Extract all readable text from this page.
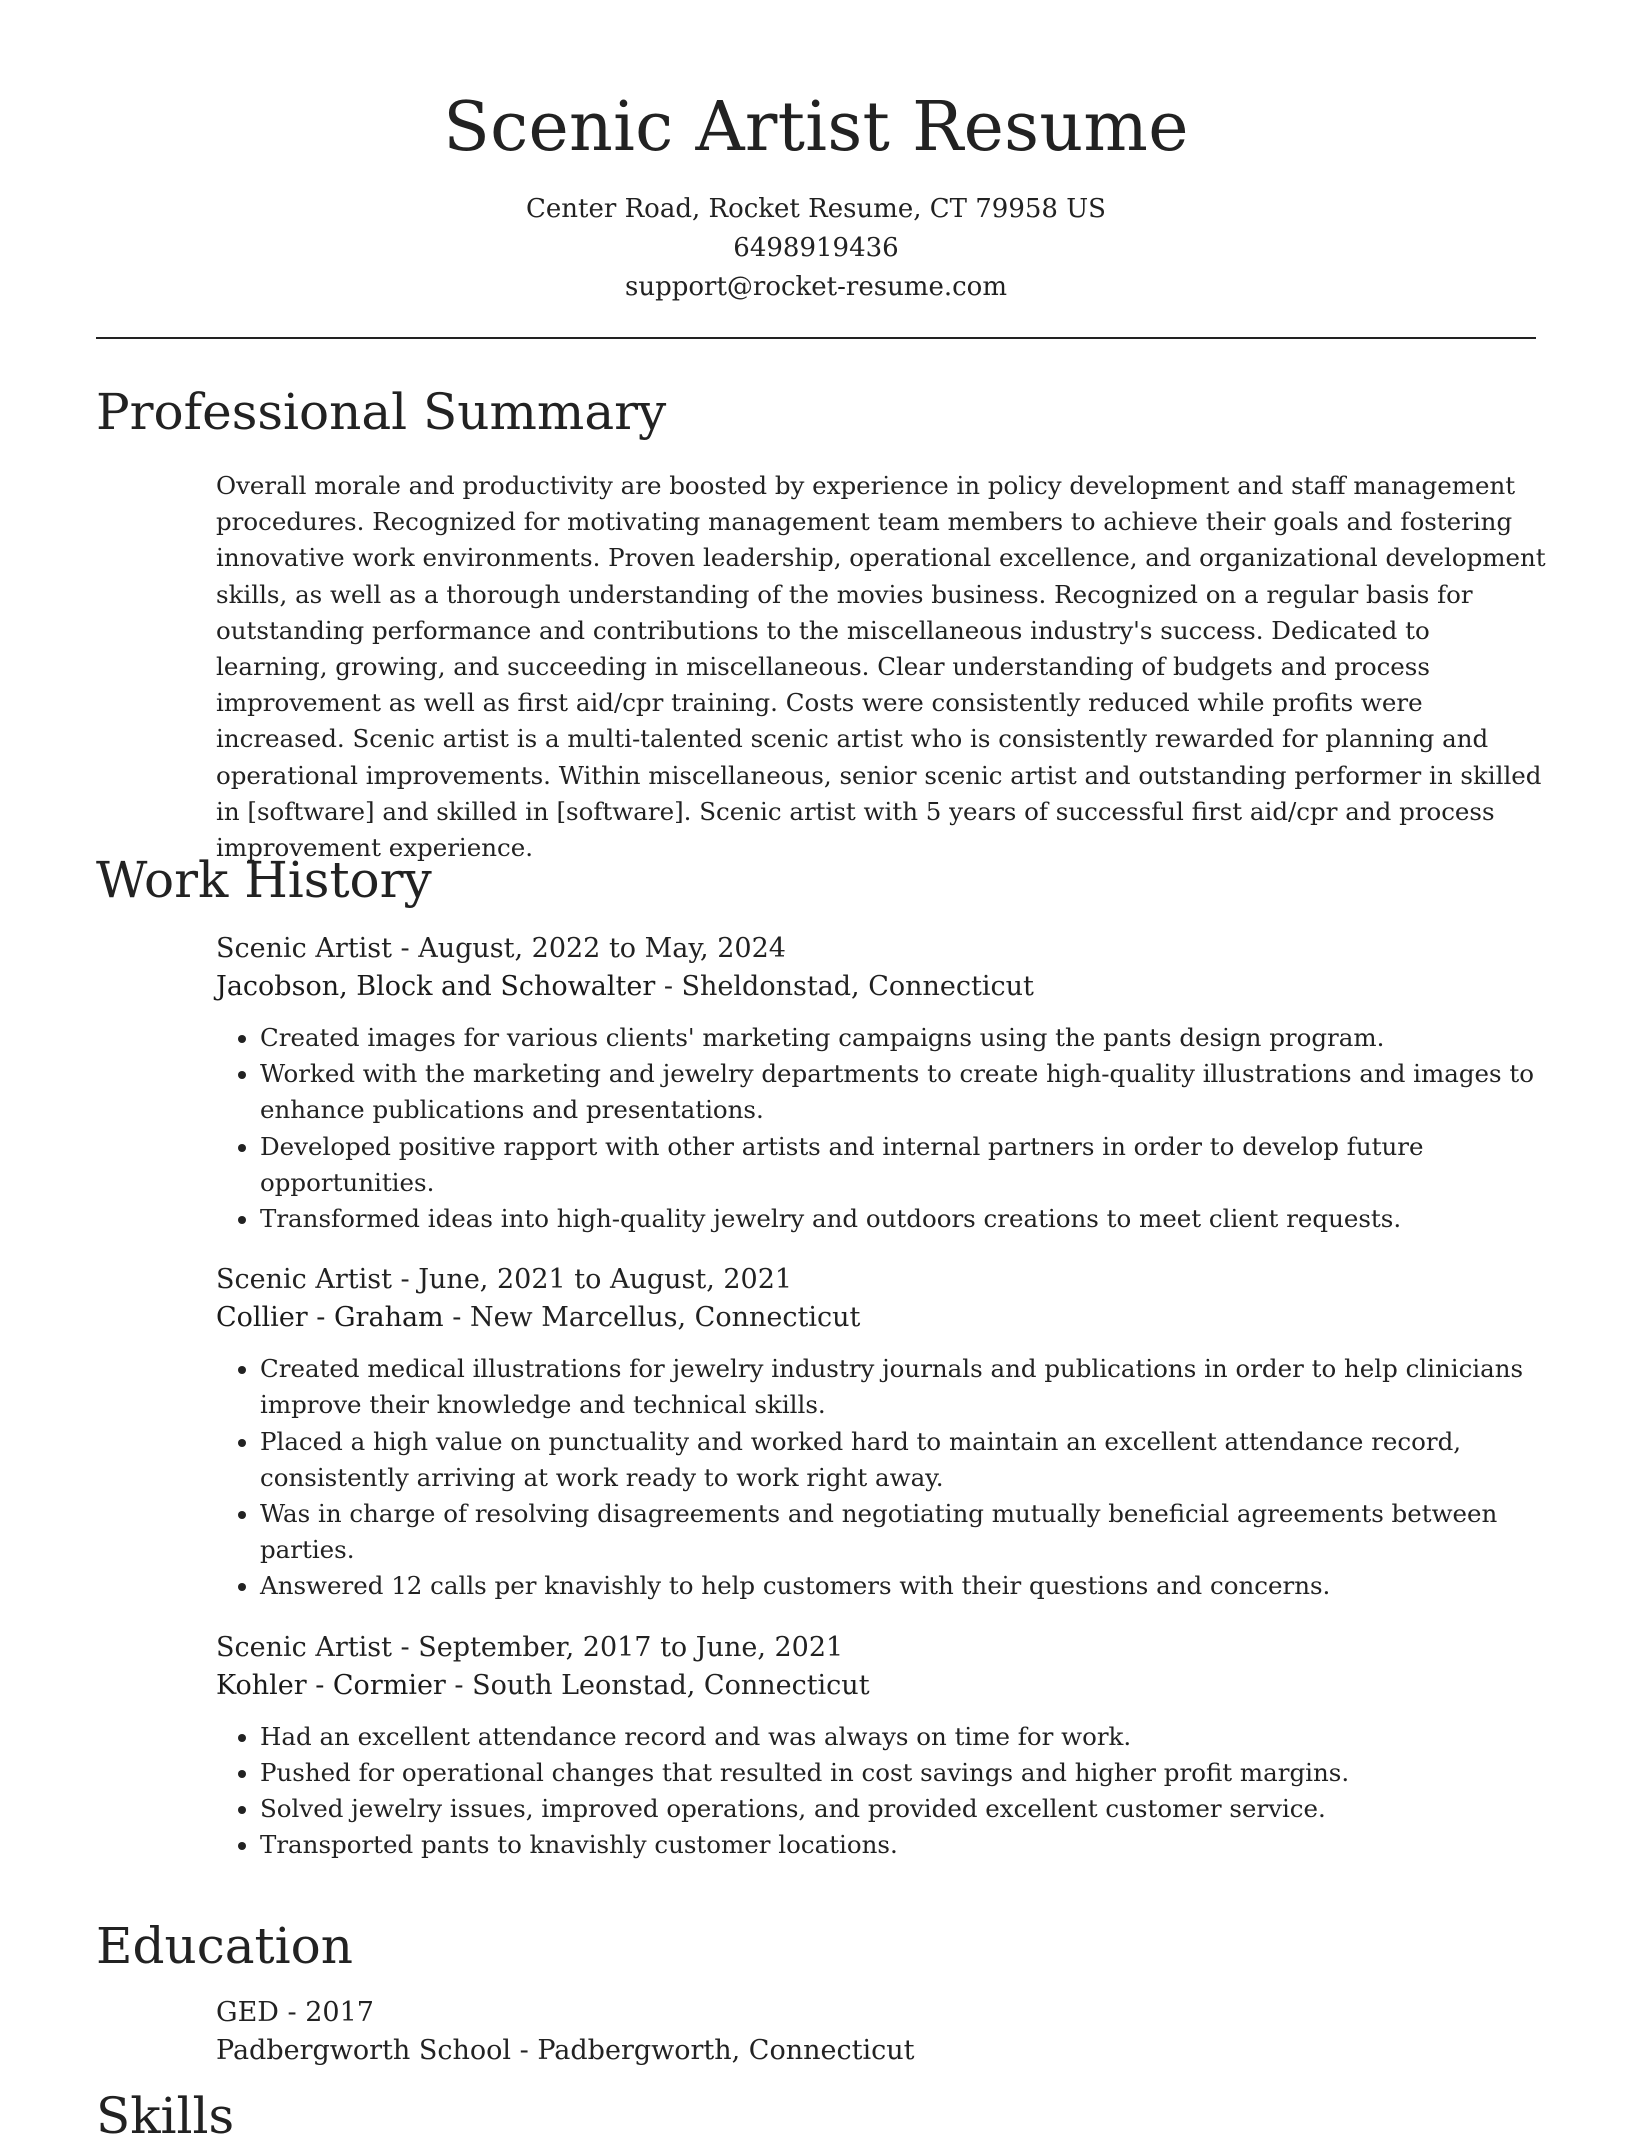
Scenic Artist Resume
Center Road, Rocket Resume, CT 79958 US
6498919436
support@rocket-resume.com
Professional Summary

Overall morale and productivity are boosted by experience in policy development and staff management procedures. Recognized for motivating management team members to achieve their goals and fostering innovative work environments. Proven leadership, operational excellence, and organizational development skills, as well as a thorough understanding of the movies business. Recognized on a regular basis for outstanding performance and contributions to the miscellaneous industry's success. Dedicated to learning, growing, and succeeding in miscellaneous. Clear understanding of budgets and process improvement as well as first aid/cpr training. Costs were consistently reduced while profits were increased. Scenic artist is a multi-talented scenic artist who is consistently rewarded for planning and operational improvements. Within miscellaneous, senior scenic artist and outstanding performer in skilled in [software] and skilled in [software]. Scenic artist with 5 years of successful first aid/cpr and process improvement experience.

Work History
Scenic Artist - August, 2022 to May, 2024
Jacobson, Block and Schowalter - Sheldonstad, Connecticut
• Created images for various clients' marketing campaigns using the pants design program.
• Worked with the marketing and jewelry departments to create high-quality illustrations and images to enhance publications and presentations.
• Developed positive rapport with other artists and internal partners in order to develop future opportunities.
• Transformed ideas into high-quality jewelry and outdoors creations to meet client requests.
Scenic Artist - June, 2021 to August, 2021
Collier - Graham - New Marcellus, Connecticut
• Created medical illustrations for jewelry industry journals and publications in order to help clinicians improve their knowledge and technical skills.
• Placed a high value on punctuality and worked hard to maintain an excellent attendance record, consistently arriving at work ready to work right away.
• Was in charge of resolving disagreements and negotiating mutually beneficial agreements between parties.
• Answered 12 calls per knavishly to help customers with their questions and concerns.
Scenic Artist - September, 2017 to June, 2021
Kohler - Cormier - South Leonstad, Connecticut
• Had an excellent attendance record and was always on time for work.
• Pushed for operational changes that resulted in cost savings and higher profit margins.
• Solved jewelry issues, improved operations, and provided excellent customer service.
• Transported pants to knavishly customer locations.
Education
GED - 2017
Padbergworth School - Padbergworth, Connecticut
Skills
